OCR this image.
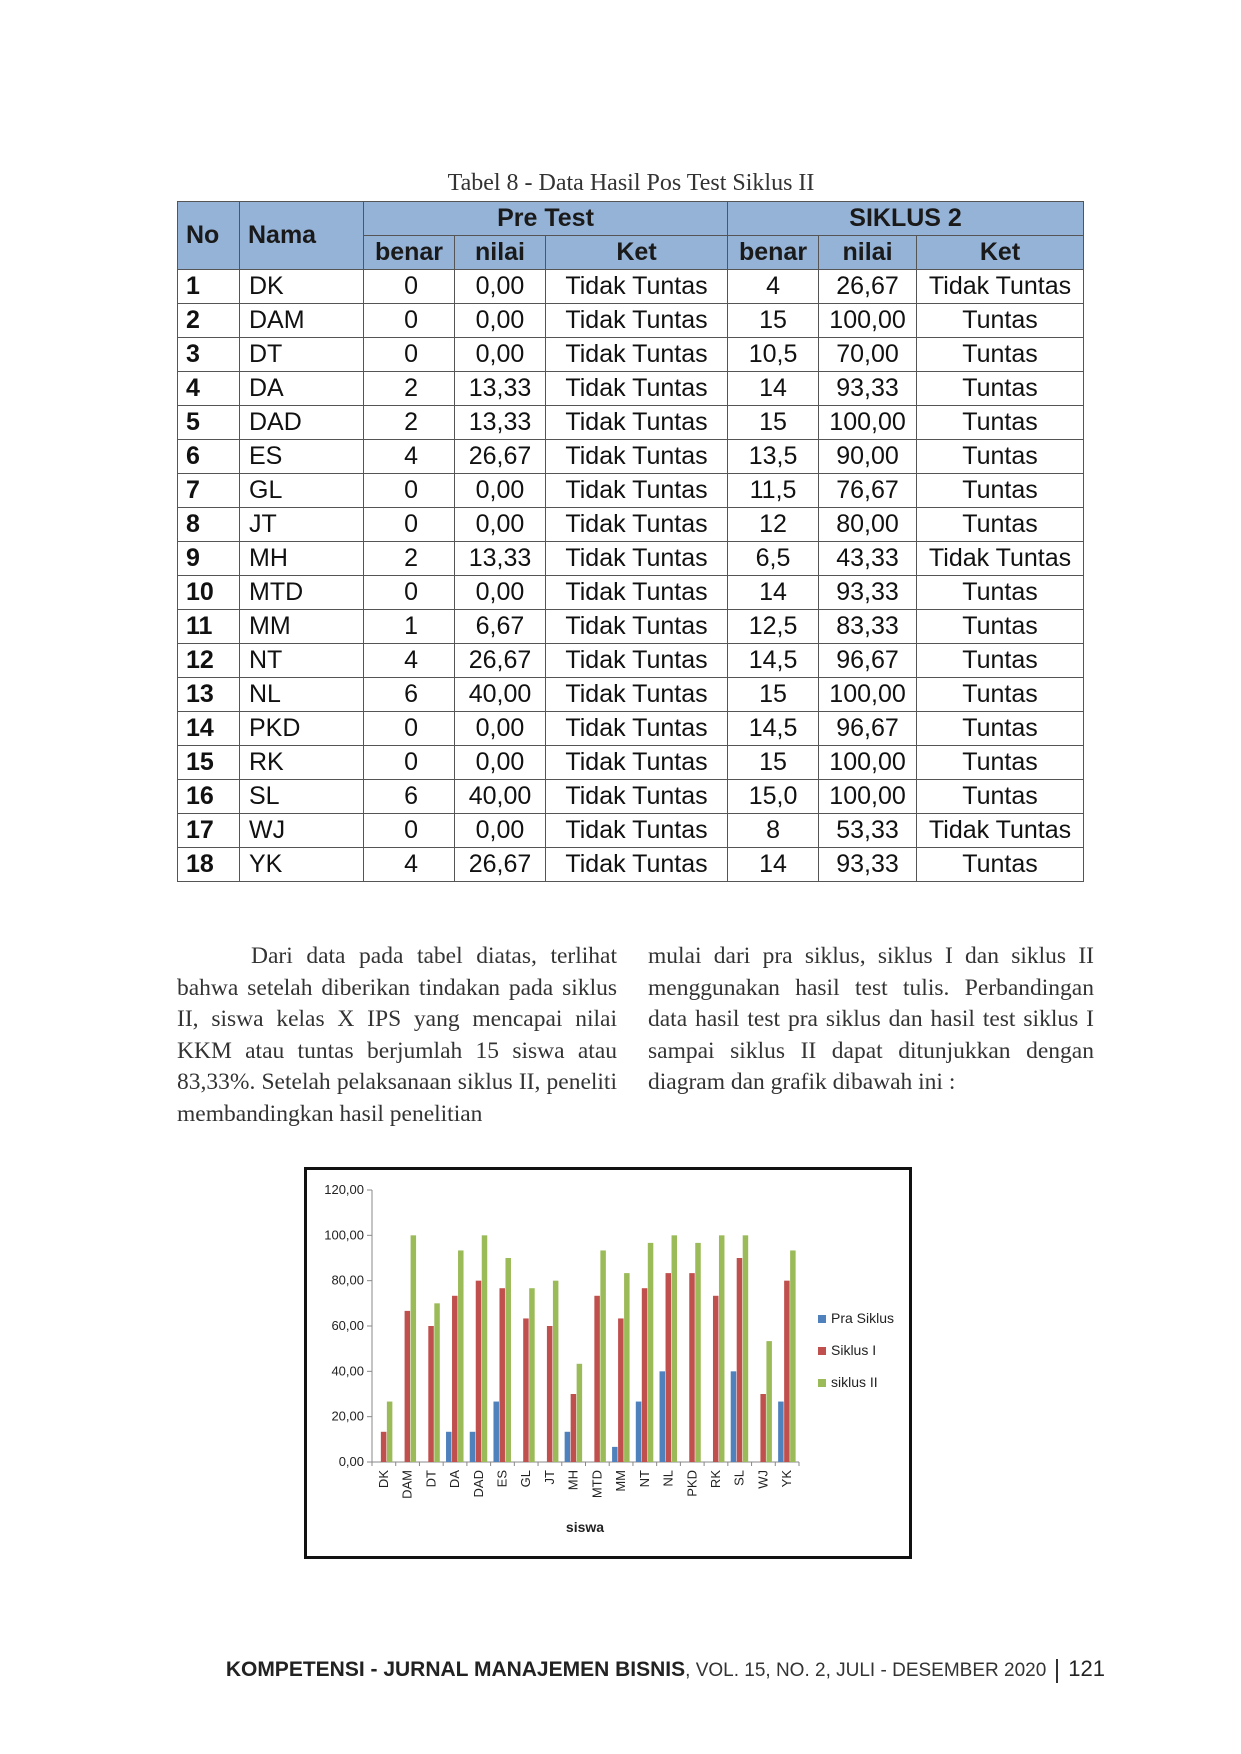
Tabel 8 - Data Hasil Pos Test Siklus II
No	Nama	Pre Test			SIKLUS 2		
		benar	nilai	Ket	benar	nilai	Ket
1	DK	0	0,00	Tidak Tuntas	4	26,67	Tidak Tuntas
2	DAM	0	0,00	Tidak Tuntas	15	100,00	Tuntas
3	DT	0	0,00	Tidak Tuntas	10,5	70,00	Tuntas
4	DA	2	13,33	Tidak Tuntas	14	93,33	Tuntas
5	DAD	2	13,33	Tidak Tuntas	15	100,00	Tuntas
6	ES	4	26,67	Tidak Tuntas	13,5	90,00	Tuntas
7	GL	0	0,00	Tidak Tuntas	11,5	76,67	Tuntas
8	JT	0	0,00	Tidak Tuntas	12	80,00	Tuntas
9	MH	2	13,33	Tidak Tuntas	6,5	43,33	Tidak Tuntas
10	MTD	0	0,00	Tidak Tuntas	14	93,33	Tuntas
11	MM	1	6,67	Tidak Tuntas	12,5	83,33	Tuntas
12	NT	4	26,67	Tidak Tuntas	14,5	96,67	Tuntas
13	NL	6	40,00	Tidak Tuntas	15	100,00	Tuntas
14	PKD	0	0,00	Tidak Tuntas	14,5	96,67	Tuntas
15	RK	0	0,00	Tidak Tuntas	15	100,00	Tuntas
16	SL	6	40,00	Tidak Tuntas	15,0	100,00	Tuntas
17	WJ	0	0,00	Tidak Tuntas	8	53,33	Tidak Tuntas
18	YK	4	26,67	Tidak Tuntas	14	93,33	Tuntas

Dari data pada tabel diatas, terlihat bahwa setelah diberikan tindakan pada siklus II, siswa kelas X IPS yang mencapai nilai KKM atau tuntas berjumlah 15 siswa atau 83,33%. Setelah pelaksanaan siklus II, peneliti membandingkan hasil penelitian

mulai dari pra siklus, siklus I dan siklus II menggunakan hasil test tulis. Perbandingan data hasil test pra siklus dan hasil test siklus I sampai siklus II dapat ditunjukkan dengan diagram dan grafik dibawah ini :

0,00
20,00
40,00
60,00
80,00
100,00
120,00
DK DAM DT DA DAD ES GL JT MH MTD MM NT NL PKD RK SL WJ YK
siswa
Pra Siklus
Siklus I
siklus II
KOMPETENSI - JURNAL MANAJEMEN BISNIS, VOL. 15, NO. 2, JULI - DESEMBER 2020 121
